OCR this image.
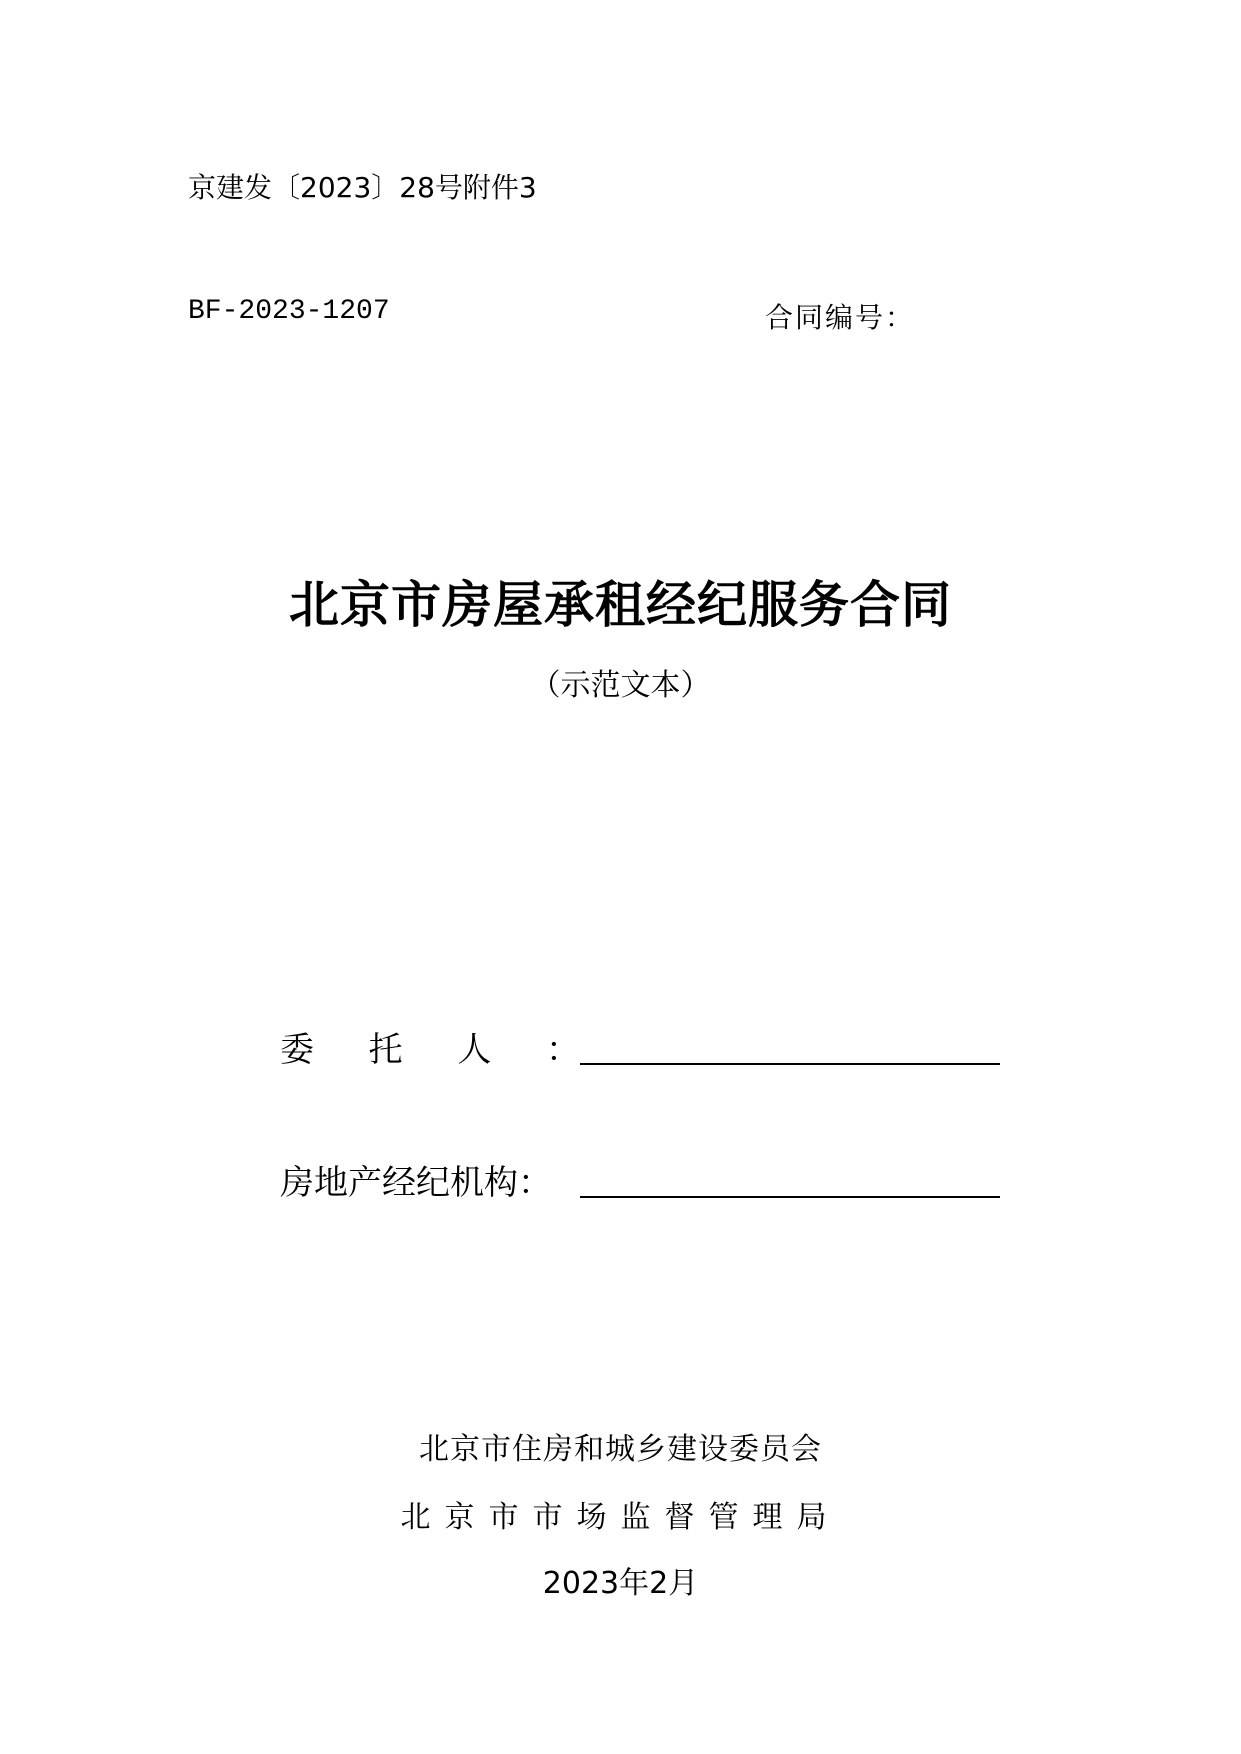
京建发〔2023〕28号附件3
BF-2023-1207	合同编号：
北京市房屋承租经纪服务合同
（示范文本）
委 托 人 ：
房地产经纪机构：
北京市住房和城乡建设委员会
北京市市场监督管理局
2023年2月
